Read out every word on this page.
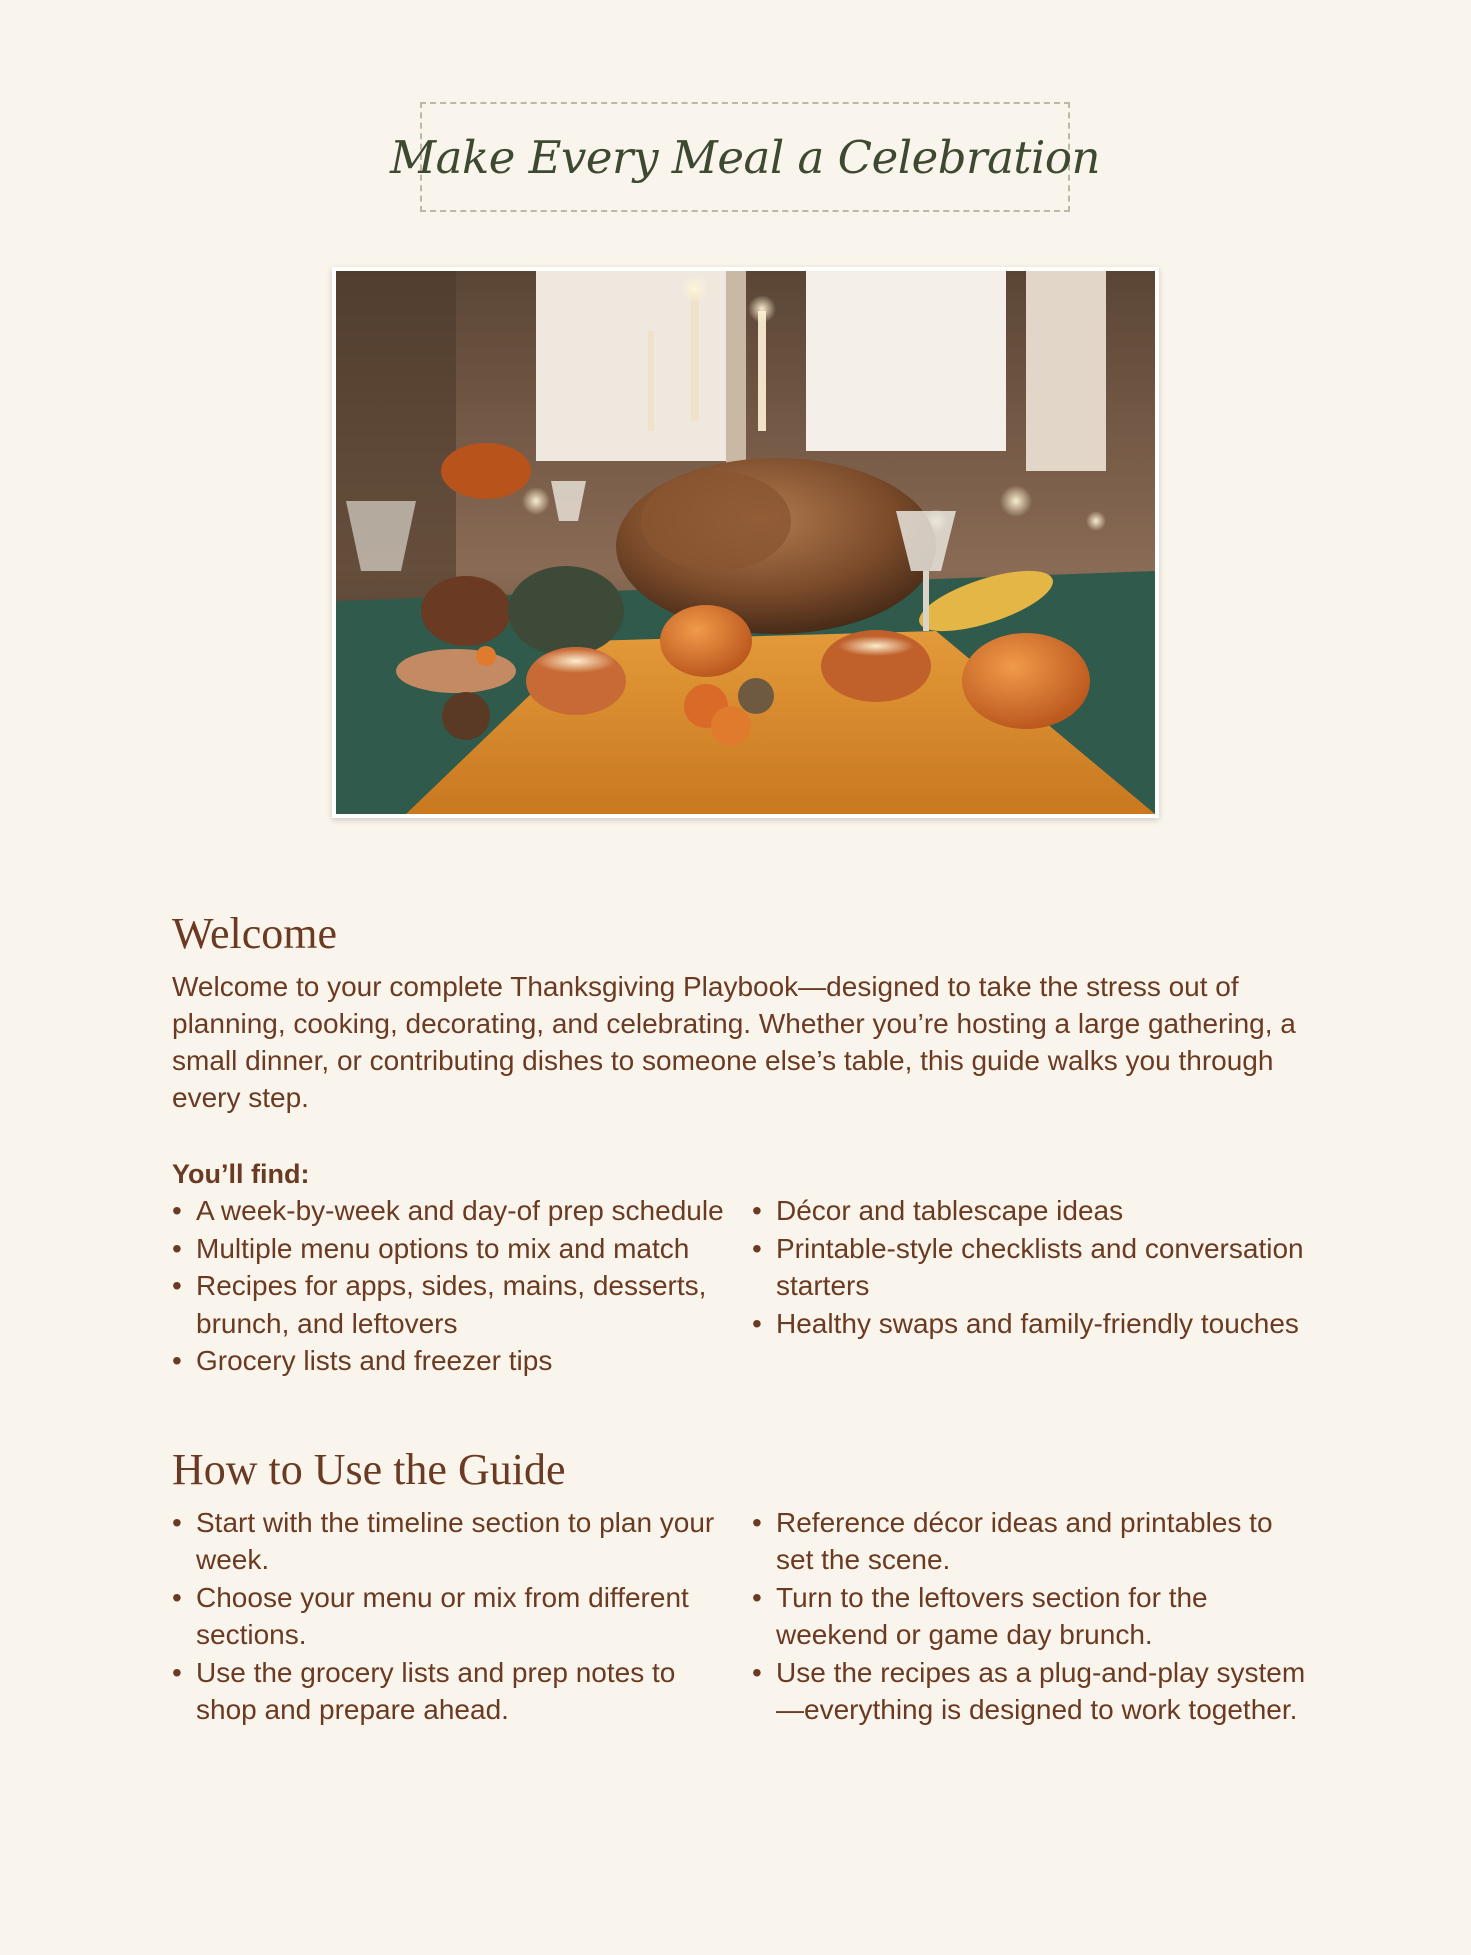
Make Every Meal a Celebration
Welcome

Welcome to your complete Thanksgiving Playbook—designed to take the stress out of planning, cooking, decorating, and celebrating. Whether you’re hosting a large gathering, a small dinner, or contributing dishes to someone else’s table, this guide walks you through every step.

You’ll find:

• A week-by-week and day-of prep schedule
• Multiple menu options to mix and match
• Recipes for apps, sides, mains, desserts, brunch, and leftovers
• Grocery lists and freezer tips
• Décor and tablescape ideas
• Printable-style checklists and conversation starters
• Healthy swaps and family-friendly touches
How to Use the Guide
• Start with the timeline section to plan your week.
• Choose your menu or mix from different sections.
• Use the grocery lists and prep notes to shop and prepare ahead.
• Reference décor ideas and printables to set the scene.
• Turn to the leftovers section for the weekend or game day brunch.
• Use the recipes as a plug-and-play system—everything is designed to work together.
